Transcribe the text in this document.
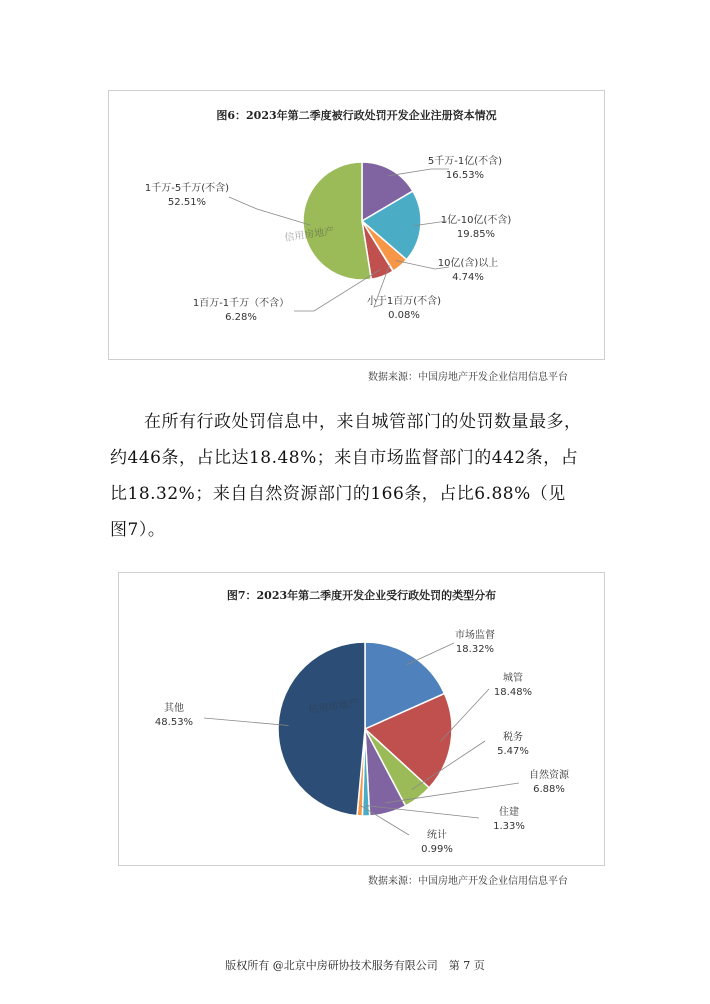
图6：2023年第二季度被行政处罚开发企业注册资本情况
信用房地产
5千万-1亿(不含)
16.53%
1亿-10亿(不含)
19.85%
10亿(含)以上
4.74%
小于1百万(不含)
0.08%
1百万-1千万（不含）
6.28%
1千万-5千万(不含)
52.51%
数据来源：中国房地产开发企业信用信息平台
在所有行政处罚信息中，来自城管部门的处罚数量最多，
约446条，占比达18.48%；来自市场监督部门的442条，占
比18.32%；来自自然资源部门的166条，占比6.88%（见
图7）。
图7：2023年第二季度开发企业受行政处罚的类型分布
信用房地产
市场监督
18.32%
城管
18.48%
税务
5.47%
自然资源
6.88%
住建
1.33%
统计
0.99%
其他
48.53%
数据来源：中国房地产开发企业信用信息平台
版权所有 @北京中房研协技术服务有限公司　第 7 页
